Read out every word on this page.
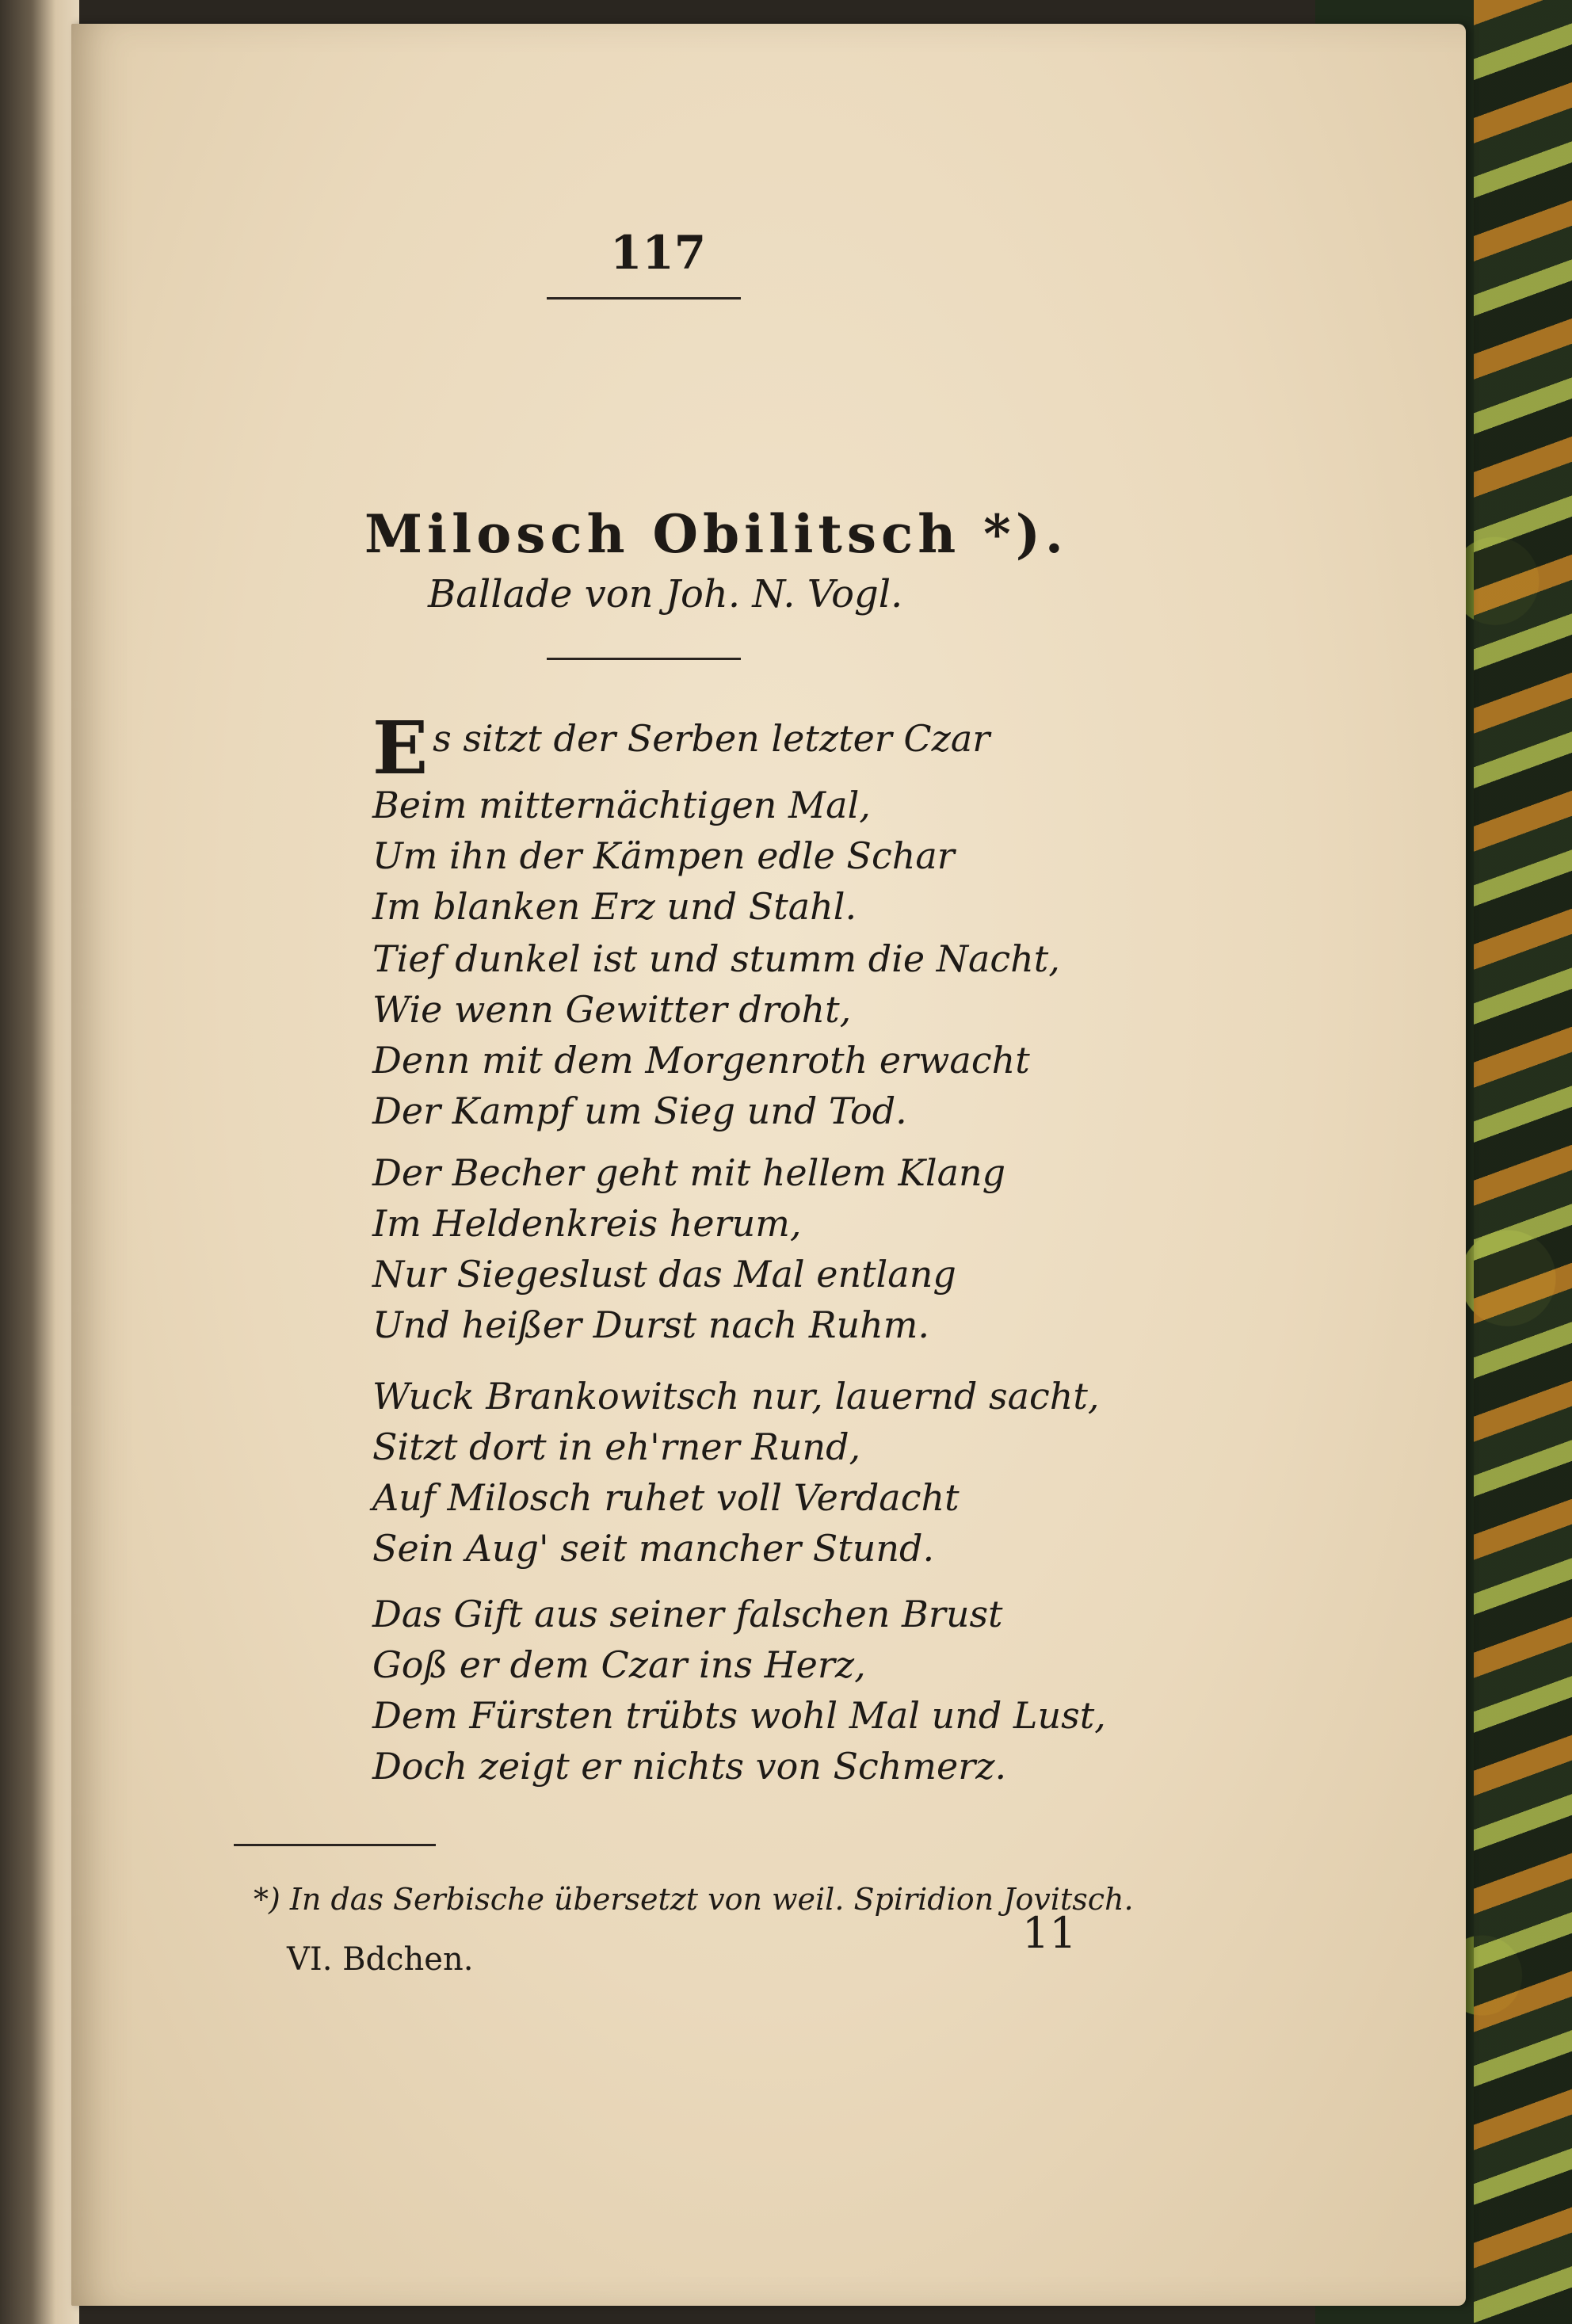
117
Milosch Obilitsch *).
Ballade von Joh. N. Vogl.
Es sitzt der Serben letzter Czar
Beim mitternächtigen Mal,
Um ihn der Kämpen edle Schar
Im blanken Erz und Stahl.
Tief dunkel ist und stumm die Nacht,
Wie wenn Gewitter droht,
Denn mit dem Morgenroth erwacht
Der Kampf um Sieg und Tod.
Der Becher geht mit hellem Klang
Im Heldenkreis herum,
Nur Siegeslust das Mal entlang
Und heißer Durst nach Ruhm.
Wuck Brankowitsch nur, lauernd sacht,
Sitzt dort in eh'rner Rund,
Auf Milosch ruhet voll Verdacht
Sein Aug' seit mancher Stund.
Das Gift aus seiner falschen Brust
Goß er dem Czar ins Herz,
Dem Fürsten trübts wohl Mal und Lust,
Doch zeigt er nichts von Schmerz.
*) In das Serbische übersetzt von weil. Spiridion Jovitsch.
VI. Bdchen.
11
